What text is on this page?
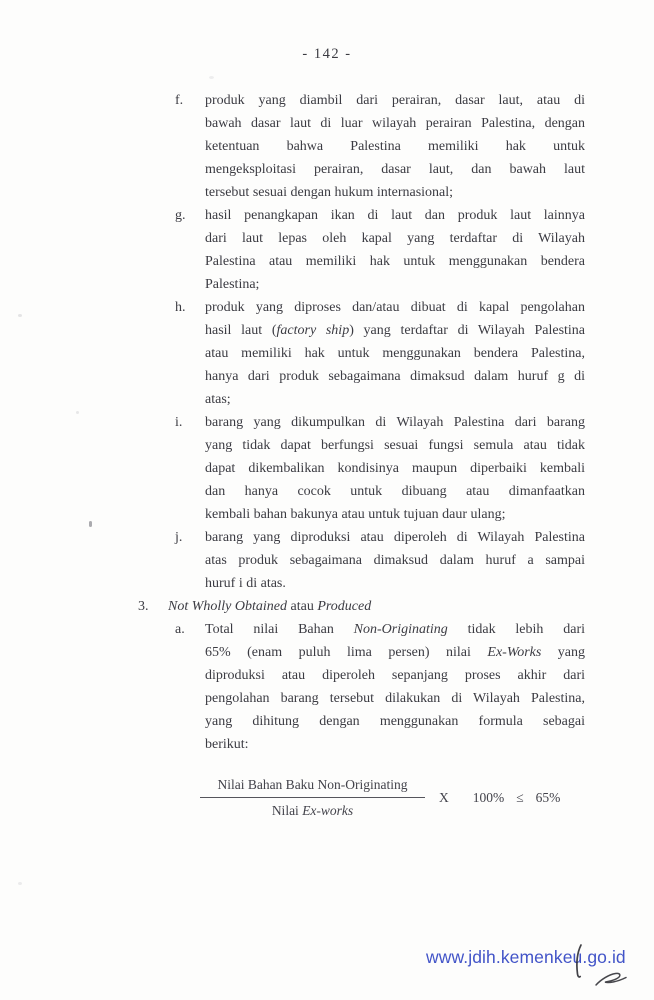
- 142 -
f.	produk yang diambil dari perairan, dasar laut, atau di
bawah dasar laut di luar wilayah perairan Palestina, dengan
ketentuan bahwa Palestina memiliki hak untuk
mengeksploitasi perairan, dasar laut, dan bawah laut
tersebut sesuai dengan hukum internasional;
g.	hasil penangkapan ikan di laut dan produk laut lainnya
dari laut lepas oleh kapal yang terdaftar di Wilayah
Palestina atau memiliki hak untuk menggunakan bendera
Palestina;
h.	produk yang diproses dan/atau dibuat di kapal pengolahan
hasil laut (factory ship) yang terdaftar di Wilayah Palestina
atau memiliki hak untuk menggunakan bendera Palestina,
hanya dari produk sebagaimana dimaksud dalam huruf g di
atas;
i.	barang yang dikumpulkan di Wilayah Palestina dari barang
yang tidak dapat berfungsi sesuai fungsi semula atau tidak
dapat dikembalikan kondisinya maupun diperbaiki kembali
dan hanya cocok untuk dibuang atau dimanfaatkan
kembali bahan bakunya atau untuk tujuan daur ulang;
j.	barang yang diproduksi atau diperoleh di Wilayah Palestina
atas produk sebagaimana dimaksud dalam huruf a sampai
huruf i di atas.
3.	Not Wholly Obtained atau Produced
a.	Total nilai Bahan Non-Originating tidak lebih dari
65% (enam puluh lima persen) nilai Ex-Works yang
diproduksi atau diperoleh sepanjang proses akhir dari
pengolahan barang tersebut dilakukan di Wilayah Palestina,
yang dihitung dengan menggunakan formula sebagai
berikut:
$\frac{\text{Nilai Bahan Baku Non-Originating}}{\text{Nilai Ex-works}}$ X 100% ≤ 65%
www.jdih.kemenkeu.go.id
